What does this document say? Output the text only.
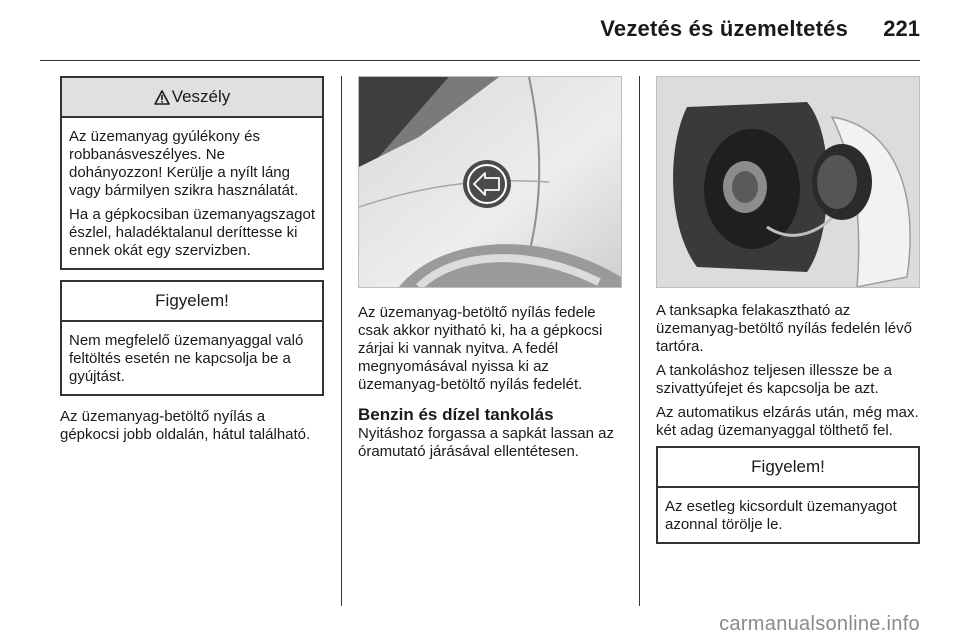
Vezetés és üzemeltetés 221
Veszély

Az üzemanyag gyúlékony és robbanásveszélyes. Ne dohányozzon! Kerülje a nyílt láng vagy bármilyen szikra használatát.

Ha a gépkocsiban üzemanyagszagot észlel, haladéktalanul deríttesse ki ennek okát egy szervizben.

Figyelem!

Nem megfelelő üzemanyaggal való feltöltés esetén ne kapcsolja be a gyújtást.

Az üzemanyag-betöltő nyílás a gépkocsi jobb oldalán, hátul található.

Az üzemanyag-betöltő nyílás fedele csak akkor nyitható ki, ha a gépkocsi zárjai ki vannak nyitva. A fedél megnyomásával nyissa ki az üzemanyag-betöltő nyílás fedelét.

Benzin és dízel tankolás

Nyitáshoz forgassa a sapkát lassan az óramutató járásával ellentétesen.

A tanksapka felakasztható az üzemanyag-betöltő nyílás fedelén lévő tartóra.

A tankoláshoz teljesen illessze be a szivattyúfejet és kapcsolja be azt.

Az automatikus elzárás után, még max. két adag üzemanyaggal tölthető fel.

Figyelem!

Az esetleg kicsordult üzemanyagot azonnal törölje le.

carmanualsonline.info
